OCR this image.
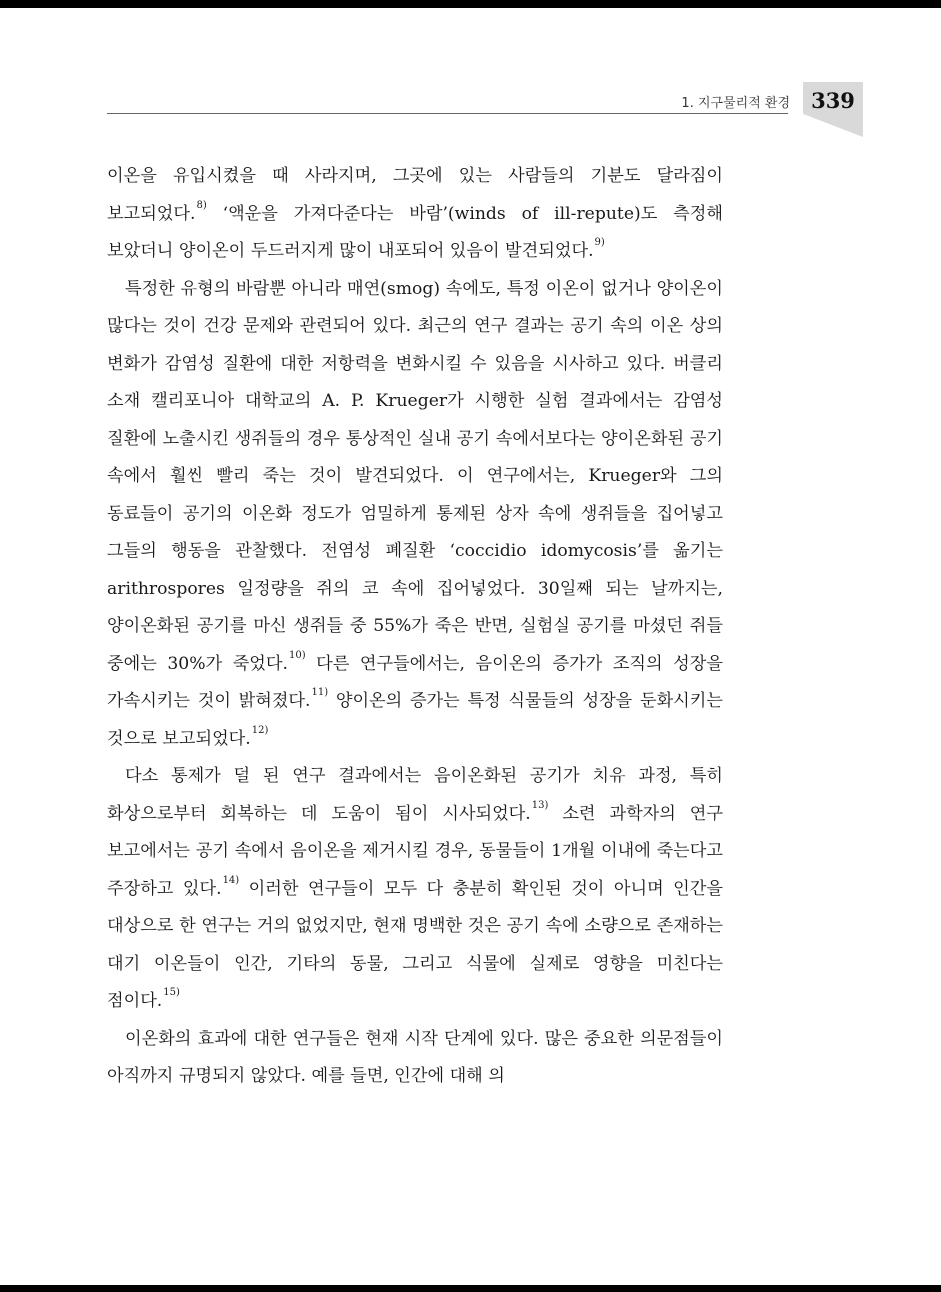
1. 지구물리적 환경	339

이온을 유입시켰을 때 사라지며, 그곳에 있는 사람들의 기분도 달라짐이 보고되었다.$^{8)}$ ‘액운을 가져다준다는 바람’(winds of ill-repute)도 측정해 보았더니 양이온이 두드러지게 많이 내포되어 있음이 발견되었다.$^{9)}$

특정한 유형의 바람뿐 아니라 매연(smog) 속에도, 특정 이온이 없거나 양이온이 많다는 것이 건강 문제와 관련되어 있다. 최근의 연구 결과는 공기 속의 이온 상의 변화가 감염성 질환에 대한 저항력을 변화시킬 수 있음을 시사하고 있다. 버클리 소재 캘리포니아 대학교의 A. P. Krueger가 시행한 실험 결과에서는 감염성 질환에 노출시킨 생쥐들의 경우 통상적인 실내 공기 속에서보다는 양이온화된 공기 속에서 훨씬 빨리 죽는 것이 발견되었다. 이 연구에서는, Krueger와 그의 동료들이 공기의 이온화 정도가 엄밀하게 통제된 상자 속에 생쥐들을 집어넣고 그들의 행동을 관찰했다. 전염성 폐질환 ‘coccidio idomycosis’를 옮기는 arithrospores 일정량을 쥐의 코 속에 집어넣었다. 30일째 되는 날까지는, 양이온화된 공기를 마신 생쥐들 중 55%가 죽은 반면, 실험실 공기를 마셨던 쥐들 중에는 30%가 죽었다.$^{10)}$ 다른 연구들에서는, 음이온의 증가가 조직의 성장을 가속시키는 것이 밝혀졌다.$^{11)}$ 양이온의 증가는 특정 식물들의 성장을 둔화시키는 것으로 보고되었다.$^{12)}$

다소 통제가 덜 된 연구 결과에서는 음이온화된 공기가 치유 과정, 특히 화상으로부터 회복하는 데 도움이 됨이 시사되었다.$^{13)}$ 소련 과학자의 연구 보고에서는 공기 속에서 음이온을 제거시킬 경우, 동물들이 1개월 이내에 죽는다고 주장하고 있다.$^{14)}$ 이러한 연구들이 모두 다 충분히 확인된 것이 아니며 인간을 대상으로 한 연구는 거의 없었지만, 현재 명백한 것은 공기 속에 소량으로 존재하는 대기 이온들이 인간, 기타의 동물, 그리고 식물에 실제로 영향을 미친다는 점이다.$^{15)}$

이온화의 효과에 대한 연구들은 현재 시작 단계에 있다. 많은 중요한 의문점들이 아직까지 규명되지 않았다. 예를 들면, 인간에 대해 의
